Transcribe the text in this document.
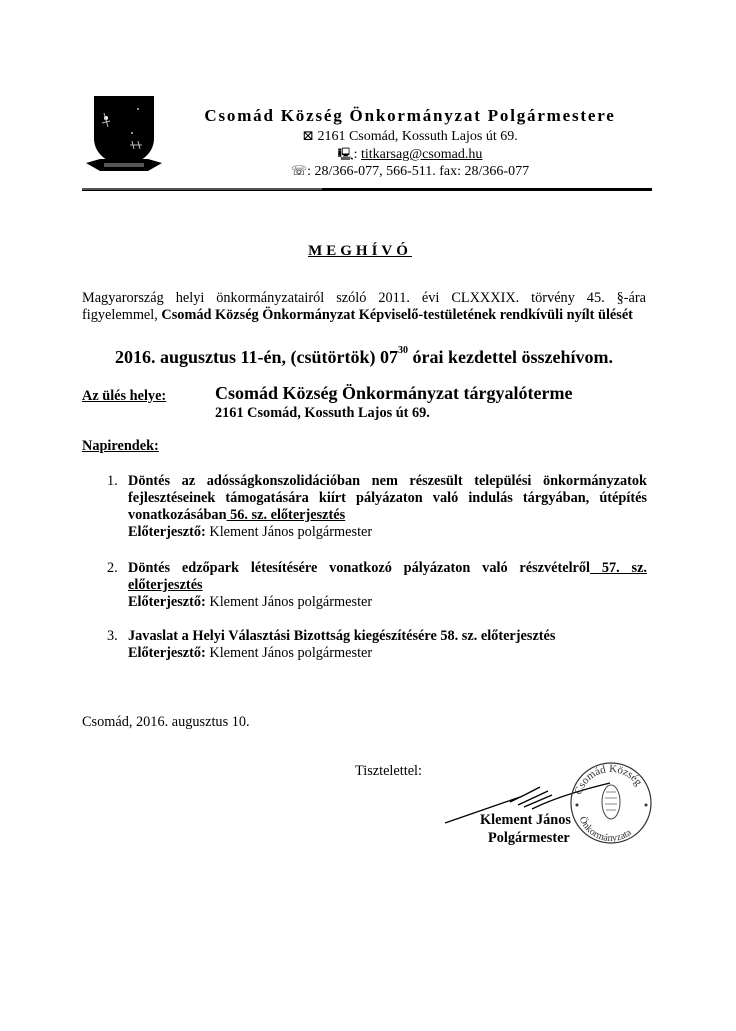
Csomád Község Önkormányzat Polgármestere
⊠ 2161 Csomád, Kossuth Lajos út 69.
🖳: titkarsag@csomad.hu
☏: 28/366-077, 566-511. fax: 28/366-077
MEGHÍVÓ
Magyarország helyi önkormányzatairól szóló 2011. évi CLXXXIX. törvény 45. §-ára figyelemmel, Csomád Község Önkormányzat Képviselő-testületének rendkívüli nyílt ülését
2016. augusztus 11-én, (csütörtök) $07^{30}$ órai kezdettel összehívom.
Az ülés helye:	Csomád Község Önkormányzat tárgyalóterme
2161 Csomád, Kossuth Lajos út 69.
Napirendek:
1. Döntés az adósságkonszolidációban nem részesült települési önkormányzatok fejlesztéseinek támogatására kiírt pályázaton való indulás tárgyában, útépítés vonatkozásában 56. sz. előterjesztés
Előterjesztő: Klement János polgármester
2. Döntés edzőpark létesítésére vonatkozó pályázaton való részvételről 57. sz. előterjesztés
Előterjesztő: Klement János polgármester
3. Javaslat a Helyi Választási Bizottság kiegészítésére 58. sz. előterjesztés
Előterjesztő: Klement János polgármester
Csomád, 2016. augusztus 10.
Tisztelettel:
Klement János
Polgármester
Csomád Község
Önkormányzata
